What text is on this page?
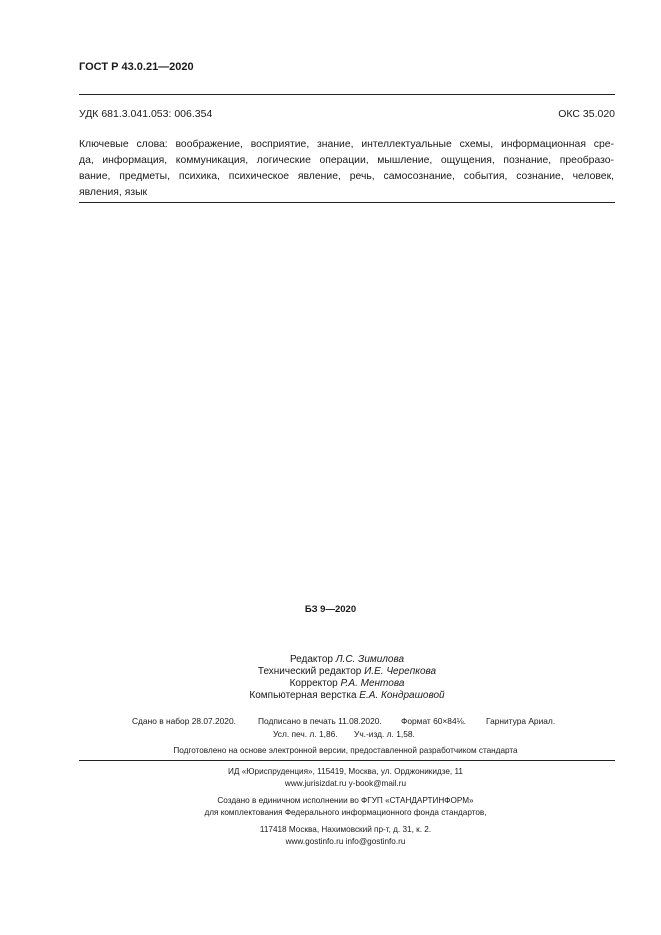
ГОСТ Р 43.0.21—2020
УДК 681.3.041.053: 006.354	ОКС 35.020
Ключевые слова: воображение, восприятие, знание, интеллектуальные схемы, информационная сре-
да, информация, коммуникация, логические операции, мышление, ощущения, познание, преобразо-
вание, предметы, психика, психическое явление, речь, самосознание, события, сознание, человек,
явления, язык
БЗ 9—2020
Редактор Л.С. Зимилова
Технический редактор И.Е. Черепкова
Корректор Р.А. Ментова
Компьютерная верстка Е.А. Кондрашовой
Сдано в набор 28.07.2020.	Подписано в печать 11.08.2020. Формат 60×84⅛. Гарнитура Ариал.
Усл. печ. л. 1,86. Уч.-изд. л. 1,58.
Подготовлено на основе электронной версии, предоставленной разработчиком стандарта
ИД «Юриспруденция», 115419, Москва, ул. Орджоникидзе, 11
www.jurisizdat.ru y-book@mail.ru
Создано в единичном исполнении во ФГУП «СТАНДАРТИНФОРМ»
для комплектования Федерального информационного фонда стандартов,
117418 Москва, Нахимовский пр-т, д. 31, к. 2.
www.gostinfo.ru info@gostinfo.ru
